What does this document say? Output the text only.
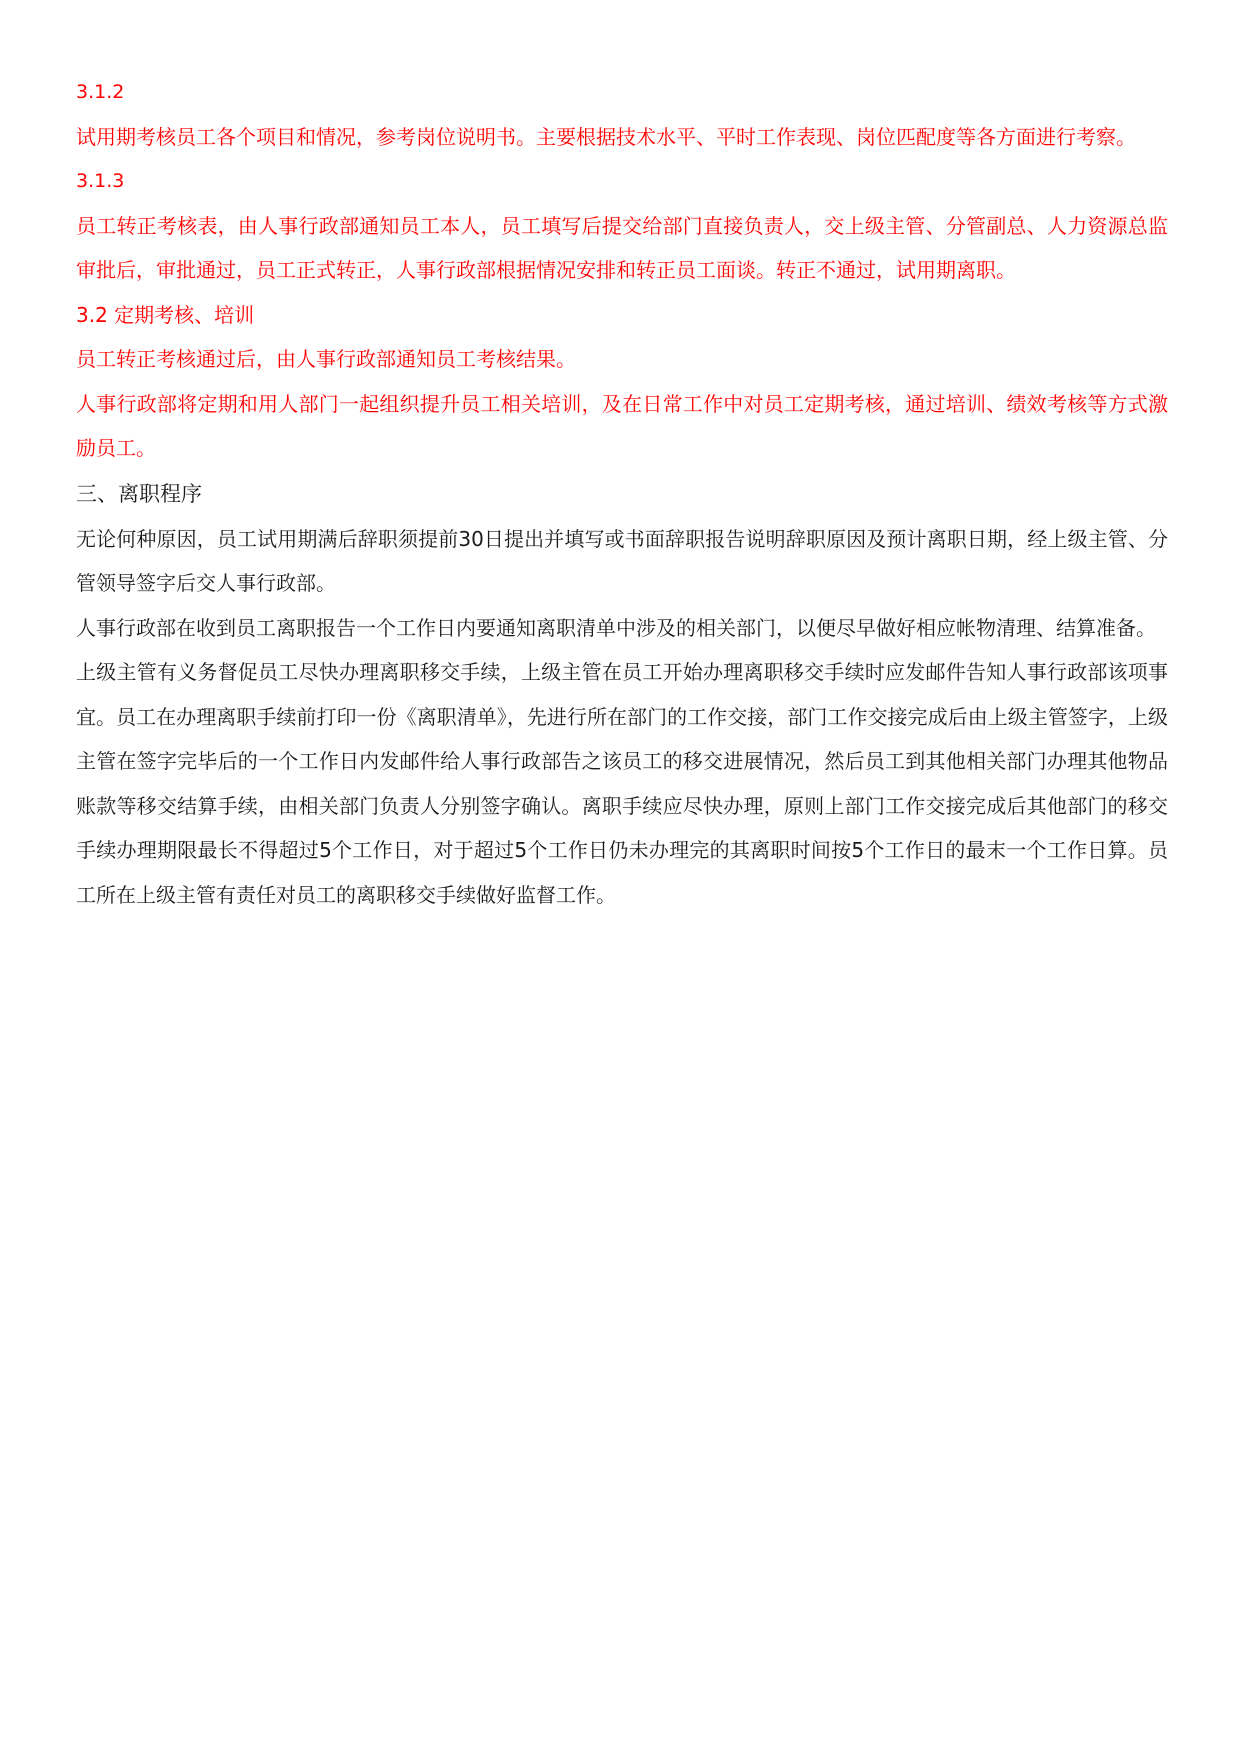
3.1.2

试用期考核员工各个项目和情况，参考岗位说明书。主要根据技术水平、平时工作表现、岗位匹配度等各方面进行考察。

3.1.3

员工转正考核表，由人事行政部通知员工本人，员工填写后提交给部门直接负责人，交上级主管、分管副总、人力资源总监审批后，审批通过，员工正式转正，人事行政部根据情况安排和转正员工面谈。转正不通过，试用期离职。

3.2 定期考核、培训

员工转正考核通过后，由人事行政部通知员工考核结果。

人事行政部将定期和用人部门一起组织提升员工相关培训，及在日常工作中对员工定期考核，通过培训、绩效考核等方式激励员工。

三、离职程序

无论何种原因，员工试用期满后辞职须提前30日提出并填写或书面辞职报告说明辞职原因及预计离职日期，经上级主管、分管领导签字后交人事行政部。

人事行政部在收到员工离职报告一个工作日内要通知离职清单中涉及的相关部门，以便尽早做好相应帐物清理、结算准备。

上级主管有义务督促员工尽快办理离职移交手续，上级主管在员工开始办理离职移交手续时应发邮件告知人事行政部该项事宜。员工在办理离职手续前打印一份《离职清单》，先进行所在部门的工作交接，部门工作交接完成后由上级主管签字，上级主管在签字完毕后的一个工作日内发邮件给人事行政部告之该员工的移交进展情况，然后员工到其他相关部门办理其他物品账款等移交结算手续，由相关部门负责人分别签字确认。离职手续应尽快办理，原则上部门工作交接完成后其他部门的移交手续办理期限最长不得超过5个工作日，对于超过5个工作日仍未办理完的其离职时间按5个工作日的最末一个工作日算。员工所在上级主管有责任对员工的离职移交手续做好监督工作。
